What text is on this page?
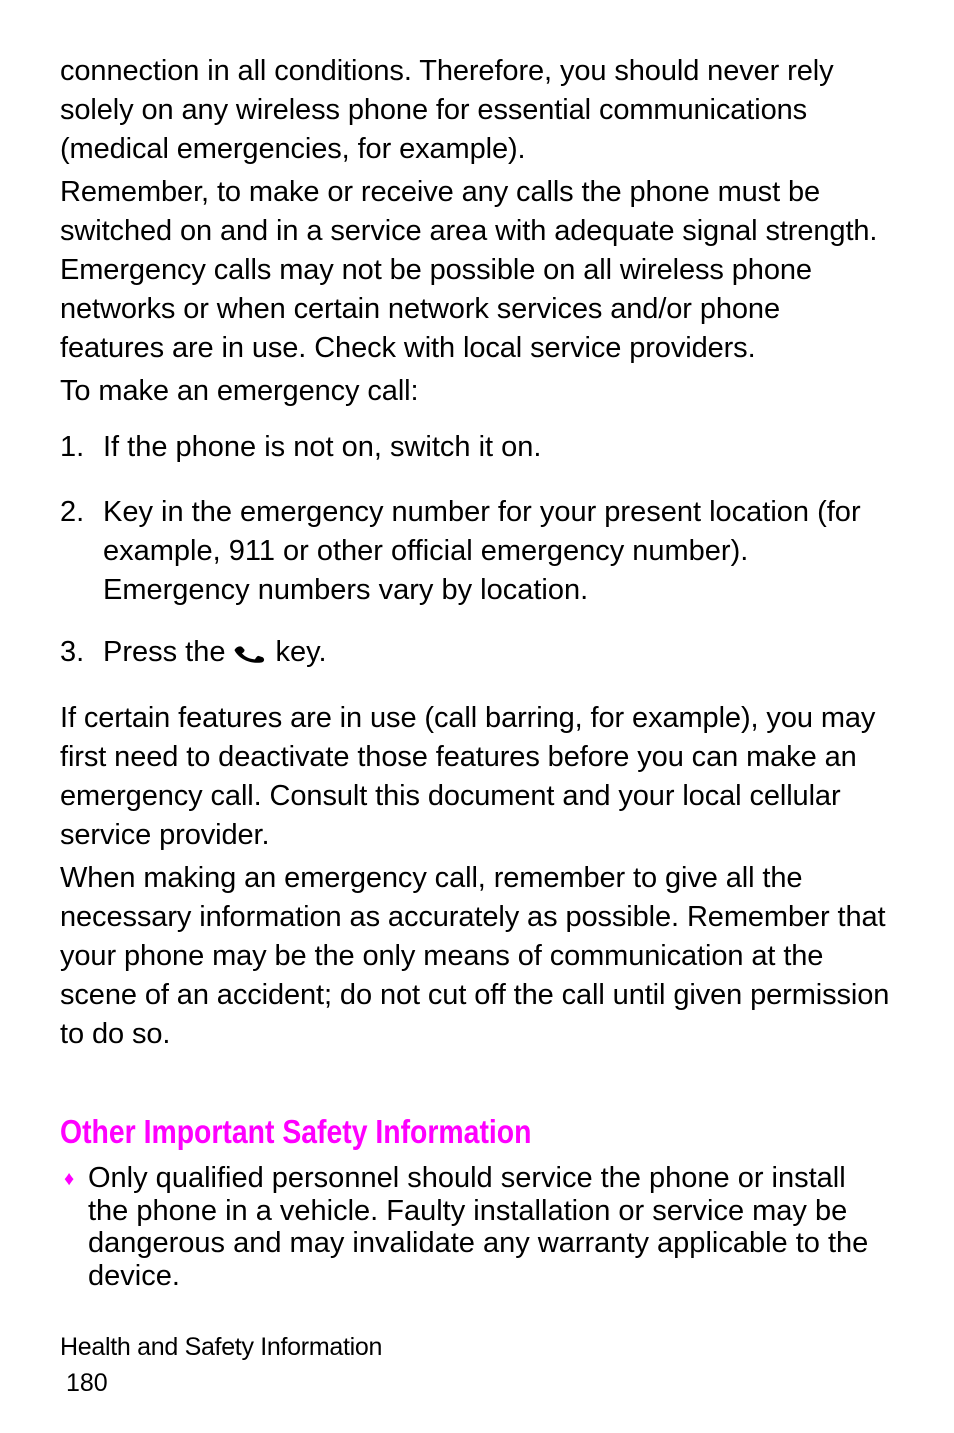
connection in all conditions. Therefore, you should never rely solely on any wireless phone for essential communications (medical emergencies, for example).

Remember, to make or receive any calls the phone must be switched on and in a service area with adequate signal strength. Emergency calls may not be possible on all wireless phone networks or when certain network services and/or phone features are in use. Check with local service providers.

To make an emergency call:

1. If the phone is not on, switch it on.
2. Key in the emergency number for your present location (for example, 911 or other official emergency number). Emergency numbers vary by location.
3. Press the key.

If certain features are in use (call barring, for example), you may first need to deactivate those features before you can make an emergency call. Consult this document and your local cellular service provider.

When making an emergency call, remember to give all the necessary information as accurately as possible. Remember that your phone may be the only means of communication at the scene of an accident; do not cut off the call until given permission to do so.

Other Important Safety Information
♦ Only qualified personnel should service the phone or install the phone in a vehicle. Faulty installation or service may be dangerous and may invalidate any warranty applicable to the device.
Health and Safety Information
180
